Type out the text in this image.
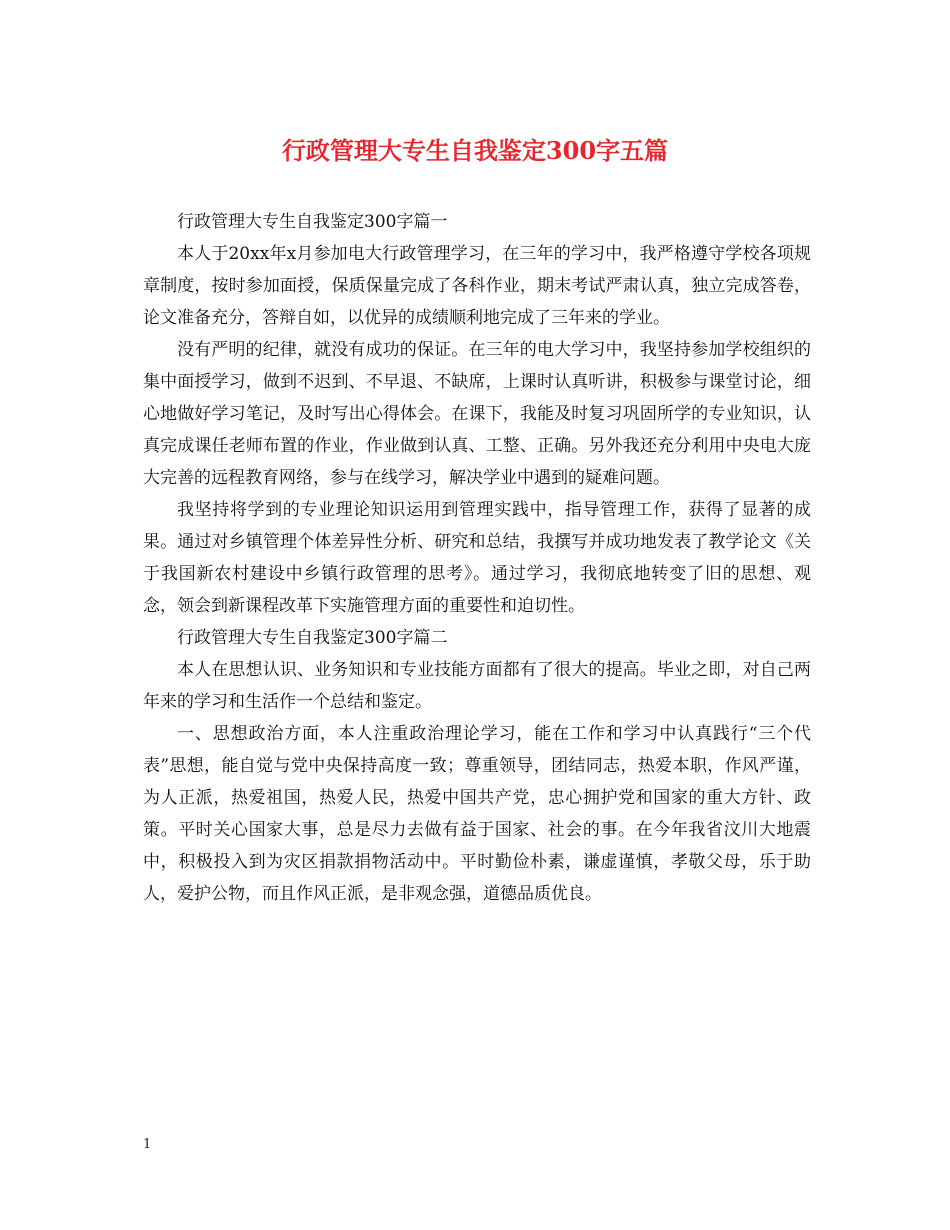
行政管理大专生自我鉴定300字五篇

行政管理大专生自我鉴定300字篇一

本人于20xx年x月参加电大行政管理学习，在三年的学习中，我严格遵守学校各项规章制度，按时参加面授，保质保量完成了各科作业，期末考试严肃认真，独立完成答卷，论文准备充分，答辩自如，以优异的成绩顺利地完成了三年来的学业。

没有严明的纪律，就没有成功的保证。在三年的电大学习中，我坚持参加学校组织的集中面授学习，做到不迟到、不早退、不缺席，上课时认真听讲，积极参与课堂讨论，细心地做好学习笔记，及时写出心得体会。在课下，我能及时复习巩固所学的专业知识，认真完成课任老师布置的作业，作业做到认真、工整、正确。另外我还充分利用中央电大庞大完善的远程教育网络，参与在线学习，解决学业中遇到的疑难问题。

我坚持将学到的专业理论知识运用到管理实践中，指导管理工作，获得了显著的成果。通过对乡镇管理个体差异性分析、研究和总结，我撰写并成功地发表了教学论文《关于我国新农村建设中乡镇行政管理的思考》。通过学习，我彻底地转变了旧的思想、观念，领会到新课程改革下实施管理方面的重要性和迫切性。

行政管理大专生自我鉴定300字篇二

本人在思想认识、业务知识和专业技能方面都有了很大的提高。毕业之即，对自己两年来的学习和生活作一个总结和鉴定。

一、思想政治方面，本人注重政治理论学习，能在工作和学习中认真践行“三个代表”思想，能自觉与党中央保持高度一致；尊重领导，团结同志，热爱本职，作风严谨，为人正派，热爱祖国，热爱人民，热爱中国共产党，忠心拥护党和国家的重大方针、政策。平时关心国家大事，总是尽力去做有益于国家、社会的事。在今年我省汶川大地震中，积极投入到为灾区捐款捐物活动中。平时勤俭朴素，谦虚谨慎，孝敬父母，乐于助人，爱护公物，而且作风正派，是非观念强，道德品质优良。

1
